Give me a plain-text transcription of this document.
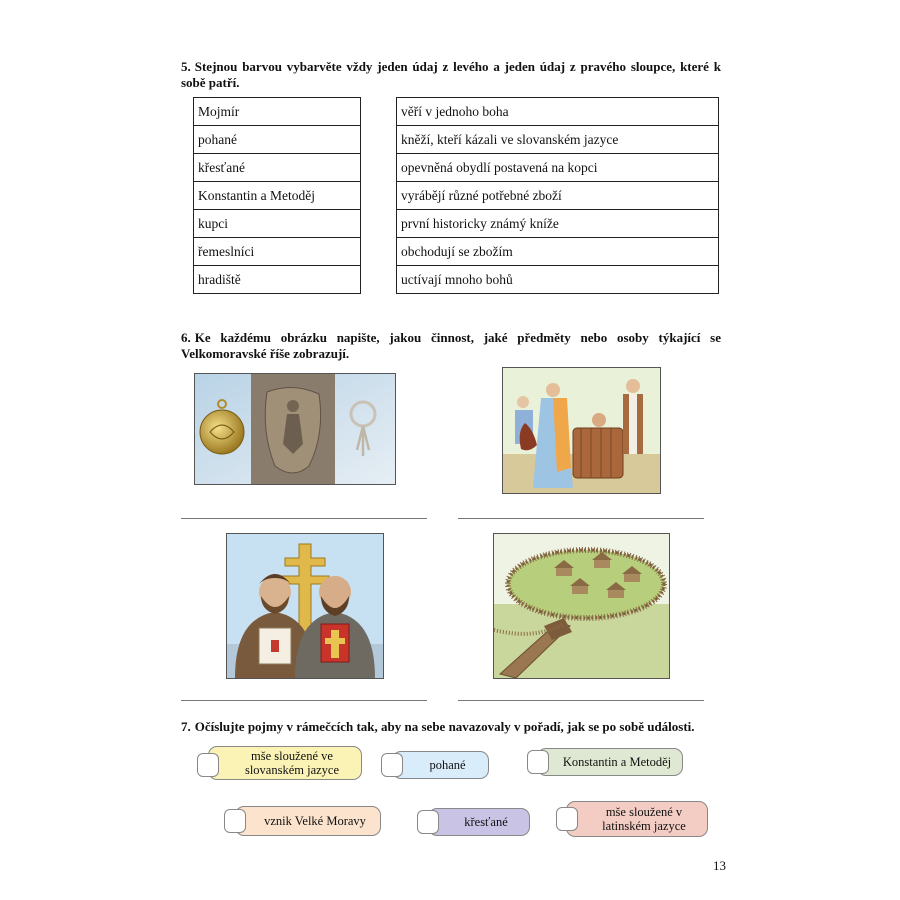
5. Stejnou barvou vybarvěte vždy jeden údaj z levého a jeden údaj z pravého sloupce, které k sobě patří.

Mojmír
pohané
křesťané
Konstantin a Metoděj
kupci
řemeslníci
hradiště
věří v jednoho boha
kněží, kteří kázali ve slovanském jazyce
opevněná obydlí postavená na kopci
vyrábějí různé potřebné zboží
první historicky známý kníže
obchodují se zbožím
uctívají mnoho bohů

6. Ke každému obrázku napište, jakou činnost, jaké předměty nebo osoby týkající se Velkomoravské říše zobrazují.

7. Očíslujte pojmy v rámečcích tak, aby na sebe navazovaly v pořadí, jak se po sobě události.

mše sloužené ve slovanském jazyce	pohané	Konstantin a Metoděj
vznik Velké Moravy	křesťané
mše sloužené v latinském jazyce
13
